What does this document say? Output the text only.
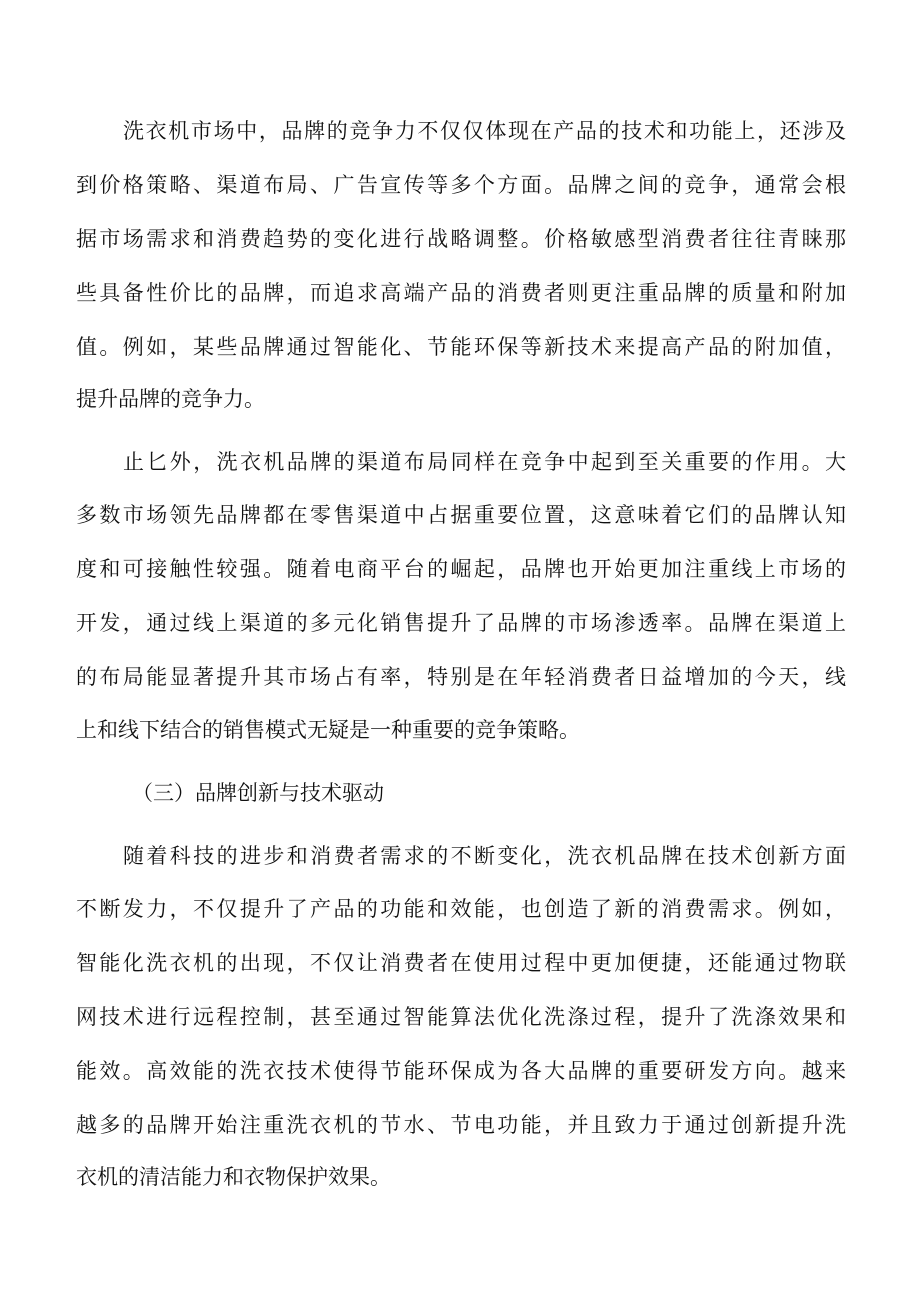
洗衣机市场中，品牌的竞争力不仅仅体现在产品的技术和功能上，还涉及
到价格策略、渠道布局、广告宣传等多个方面。品牌之间的竞争，通常会根
据市场需求和消费趋势的变化进行战略调整。价格敏感型消费者往往青睐那
些具备性价比的品牌，而追求高端产品的消费者则更注重品牌的质量和附加
值。例如，某些品牌通过智能化、节能环保等新技术来提高产品的附加值，
提升品牌的竞争力。
止匕外，洗衣机品牌的渠道布局同样在竞争中起到至关重要的作用。大
多数市场领先品牌都在零售渠道中占据重要位置，这意味着它们的品牌认知
度和可接触性较强。随着电商平台的崛起，品牌也开始更加注重线上市场的
开发，通过线上渠道的多元化销售提升了品牌的市场渗透率。品牌在渠道上
的布局能显著提升其市场占有率，特别是在年轻消费者日益增加的今天，线
上和线下结合的销售模式无疑是一种重要的竞争策略。
（三）品牌创新与技术驱动
随着科技的进步和消费者需求的不断变化，洗衣机品牌在技术创新方面
不断发力，不仅提升了产品的功能和效能，也创造了新的消费需求。例如，
智能化洗衣机的出现，不仅让消费者在使用过程中更加便捷，还能通过物联
网技术进行远程控制，甚至通过智能算法优化洗涤过程，提升了洗涤效果和
能效。高效能的洗衣技术使得节能环保成为各大品牌的重要研发方向。越来
越多的品牌开始注重洗衣机的节水、节电功能，并且致力于通过创新提升洗
衣机的清洁能力和衣物保护效果。
